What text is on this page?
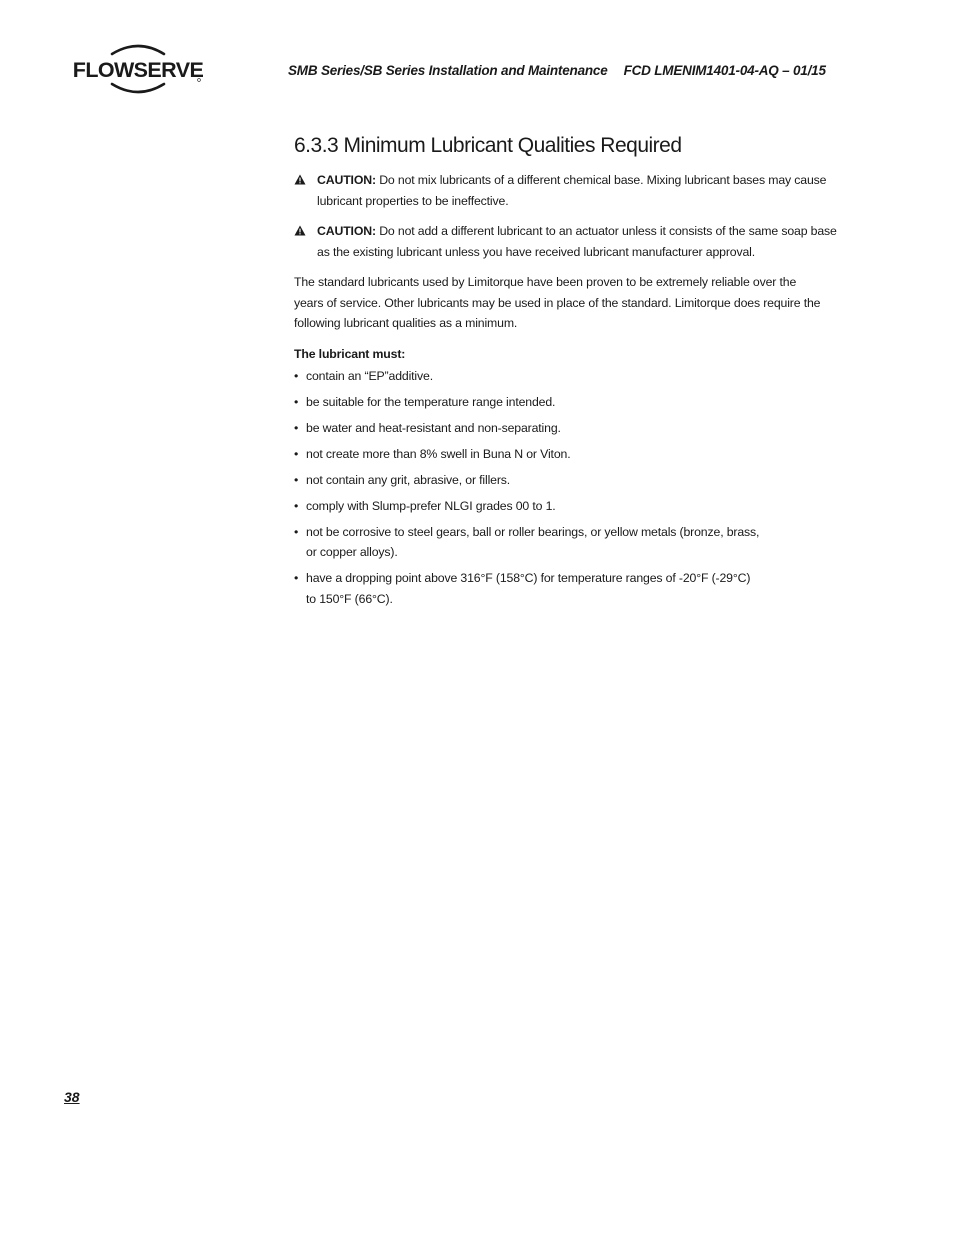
FLOWSERVE	SMB Series/SB Series Installation and Maintenance FCD LMENIM1401-04-AQ – 01/15
6.3.3 Minimum Lubricant Qualities Required
CAUTION: Do not mix lubricants of a different chemical base. Mixing lubricant bases may cause
lubricant properties to be ineffective.
CAUTION: Do not add a different lubricant to an actuator unless it consists of the same soap base
as the existing lubricant unless you have received lubricant manufacturer approval.
The standard lubricants used by Limitorque have been proven to be extremely reliable over the
years of service. Other lubricants may be used in place of the standard. Limitorque does require the
following lubricant qualities as a minimum.
The lubricant must:
• contain an “EP”additive.
• be suitable for the temperature range intended.
• be water and heat-resistant and non-separating.
• not create more than 8% swell in Buna N or Viton.
• not contain any grit, abrasive, or fillers.
• comply with Slump-prefer NLGI grades 00 to 1.
• not be corrosive to steel gears, ball or roller bearings, or yellow metals (bronze, brass,
or copper alloys).
• have a dropping point above 316°F (158°C) for temperature ranges of -20°F (-29°C)
to 150°F (66°C).
38
